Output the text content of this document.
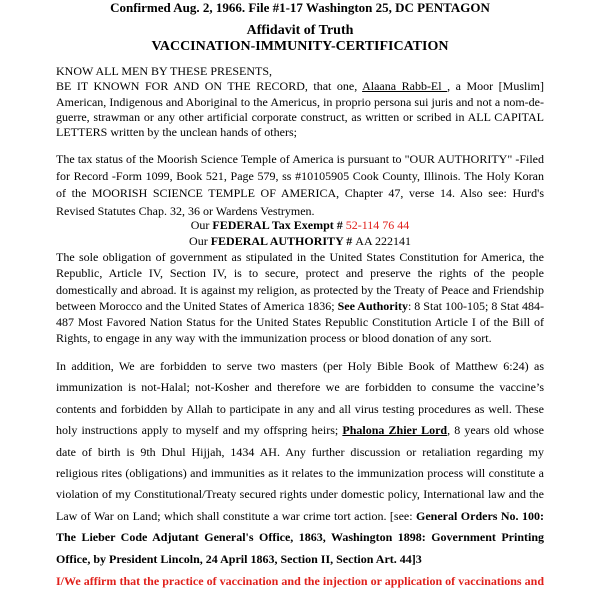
Confirmed Aug. 2, 1966. File #1-17 Washington 25, DC PENTAGON
Affidavit of Truth
VACCINATION-IMMUNITY-CERTIFICATION
KNOW ALL MEN BY THESE PRESENTS,
BE IT KNOWN FOR AND ON THE RECORD, that one, Alaana Rabb-El , a Moor [Muslim] American, Indigenous and Aboriginal to the Americus, in proprio persona sui juris and not a nom-de-guerre, strawman or any other artificial corporate construct, as written or scribed in ALL CAPITAL LETTERS written by the unclean hands of others;
The tax status of the Moorish Science Temple of America is pursuant to "OUR AUTHORITY" -Filed for Record -Form 1099, Book 521, Page 579, ss #10105905 Cook County, Illinois. The Holy Koran of the MOORISH SCIENCE TEMPLE OF AMERICA, Chapter 47, verse 14. Also see: Hurd's Revised Statutes Chap. 32, 36 or Wardens Vestrymen.
Our FEDERAL Tax Exempt # 52-114 76 44
Our FEDERAL AUTHORITY # AA 222141
The sole obligation of government as stipulated in the United States Constitution for America, the Republic, Article IV, Section IV, is to secure, protect and preserve the rights of the people domestically and abroad. It is against my religion, as protected by the Treaty of Peace and Friendship between Morocco and the United States of America 1836; See Authority: 8 Stat 100-105; 8 Stat 484-487 Most Favored Nation Status for the United States Republic Constitution Article I of the Bill of Rights, to engage in any way with the immunization process or blood donation of any sort.
In addition, We are forbidden to serve two masters (per Holy Bible Book of Matthew 6:24) as immunization is not-Halal; not-Kosher and therefore we are forbidden to consume the vaccine’s contents and forbidden by Allah to participate in any and all virus testing procedures as well. These holy instructions apply to myself and my offspring heirs; Phalona Zhier Lord, 8 years old whose date of birth is 9th Dhul Hijjah, 1434 AH. Any further discussion or retaliation regarding my religious rites (obligations) and immunities as it relates to the immunization process will constitute a violation of my Constitutional/Treaty secured rights under domestic policy, International law and the Law of War on Land; which shall constitute a war crime tort action. [see: General Orders No. 100: The Lieber Code Adjutant General's Office, 1863, Washington 1898: Government Printing Office, by President Lincoln, 24 April 1863, Section II, Section Art. 44]3
I/We affirm that the practice of vaccination and the injection or application of vaccinations and
